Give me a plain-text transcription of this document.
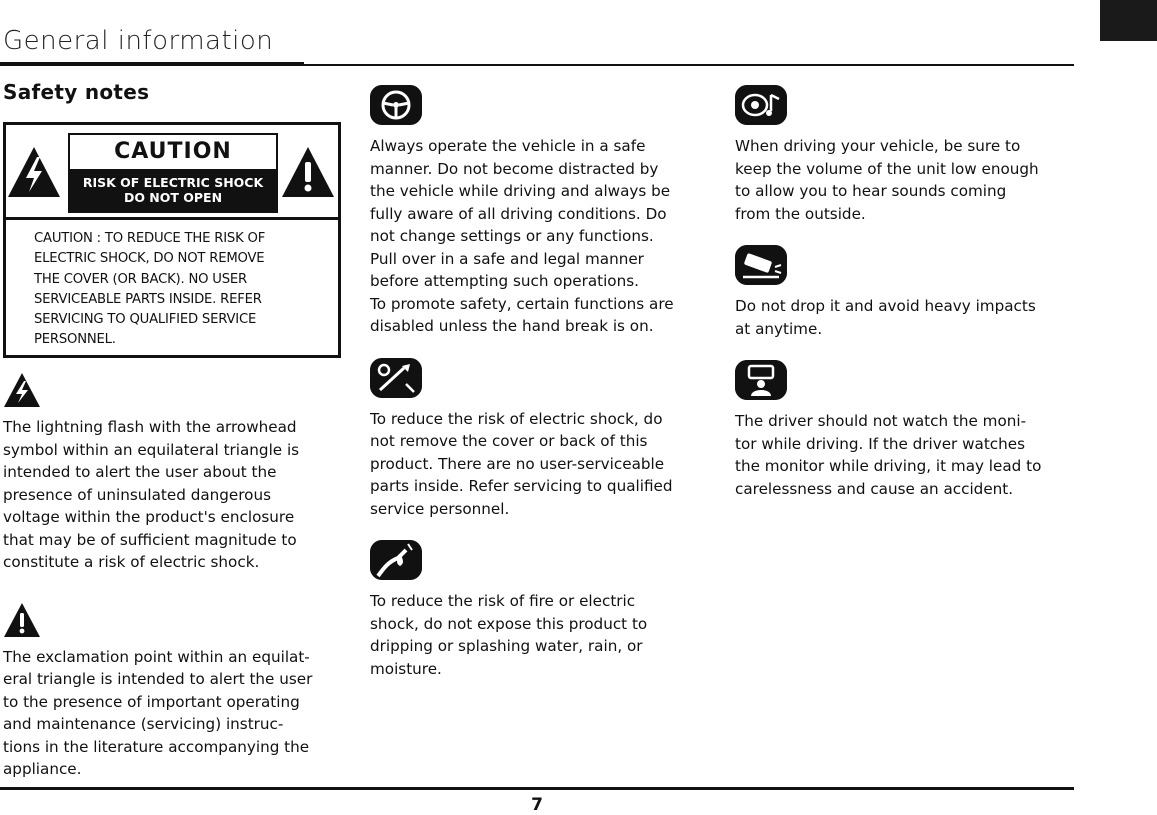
General information
Safety notes
CAUTION
RISK OF ELECTRIC SHOCK
DO NOT OPEN
CAUTION : TO REDUCE THE RISK OF
ELECTRIC SHOCK, DO NOT REMOVE
THE COVER (OR BACK). NO USER
SERVICEABLE PARTS INSIDE. REFER
SERVICING TO QUALIFIED SERVICE
PERSONNEL.

The lightning flash with the arrowhead
symbol within an equilateral triangle is
intended to alert the user about the
presence of uninsulated dangerous
voltage within the product's enclosure
that may be of sufficient magnitude to
constitute a risk of electric shock.

The exclamation point within an equilat-
eral triangle is intended to alert the user
to the presence of important operating
and maintenance (servicing) instruc-
tions in the literature accompanying the
appliance.

Always operate the vehicle in a safe
manner. Do not become distracted by
the vehicle while driving and always be
fully aware of all driving conditions. Do
not change settings or any functions.
Pull over in a safe and legal manner
before attempting such operations.
To promote safety, certain functions are
disabled unless the hand break is on.

To reduce the risk of electric shock, do
not remove the cover or back of this
product. There are no user-serviceable
parts inside. Refer servicing to qualified
service personnel.

To reduce the risk of fire or electric
shock, do not expose this product to
dripping or splashing water, rain, or
moisture.

When driving your vehicle, be sure to
keep the volume of the unit low enough
to allow you to hear sounds coming
from the outside.

Do not drop it and avoid heavy impacts
at anytime.

The driver should not watch the moni-
tor while driving. If the driver watches
the monitor while driving, it may lead to
carelessness and cause an accident.

7
